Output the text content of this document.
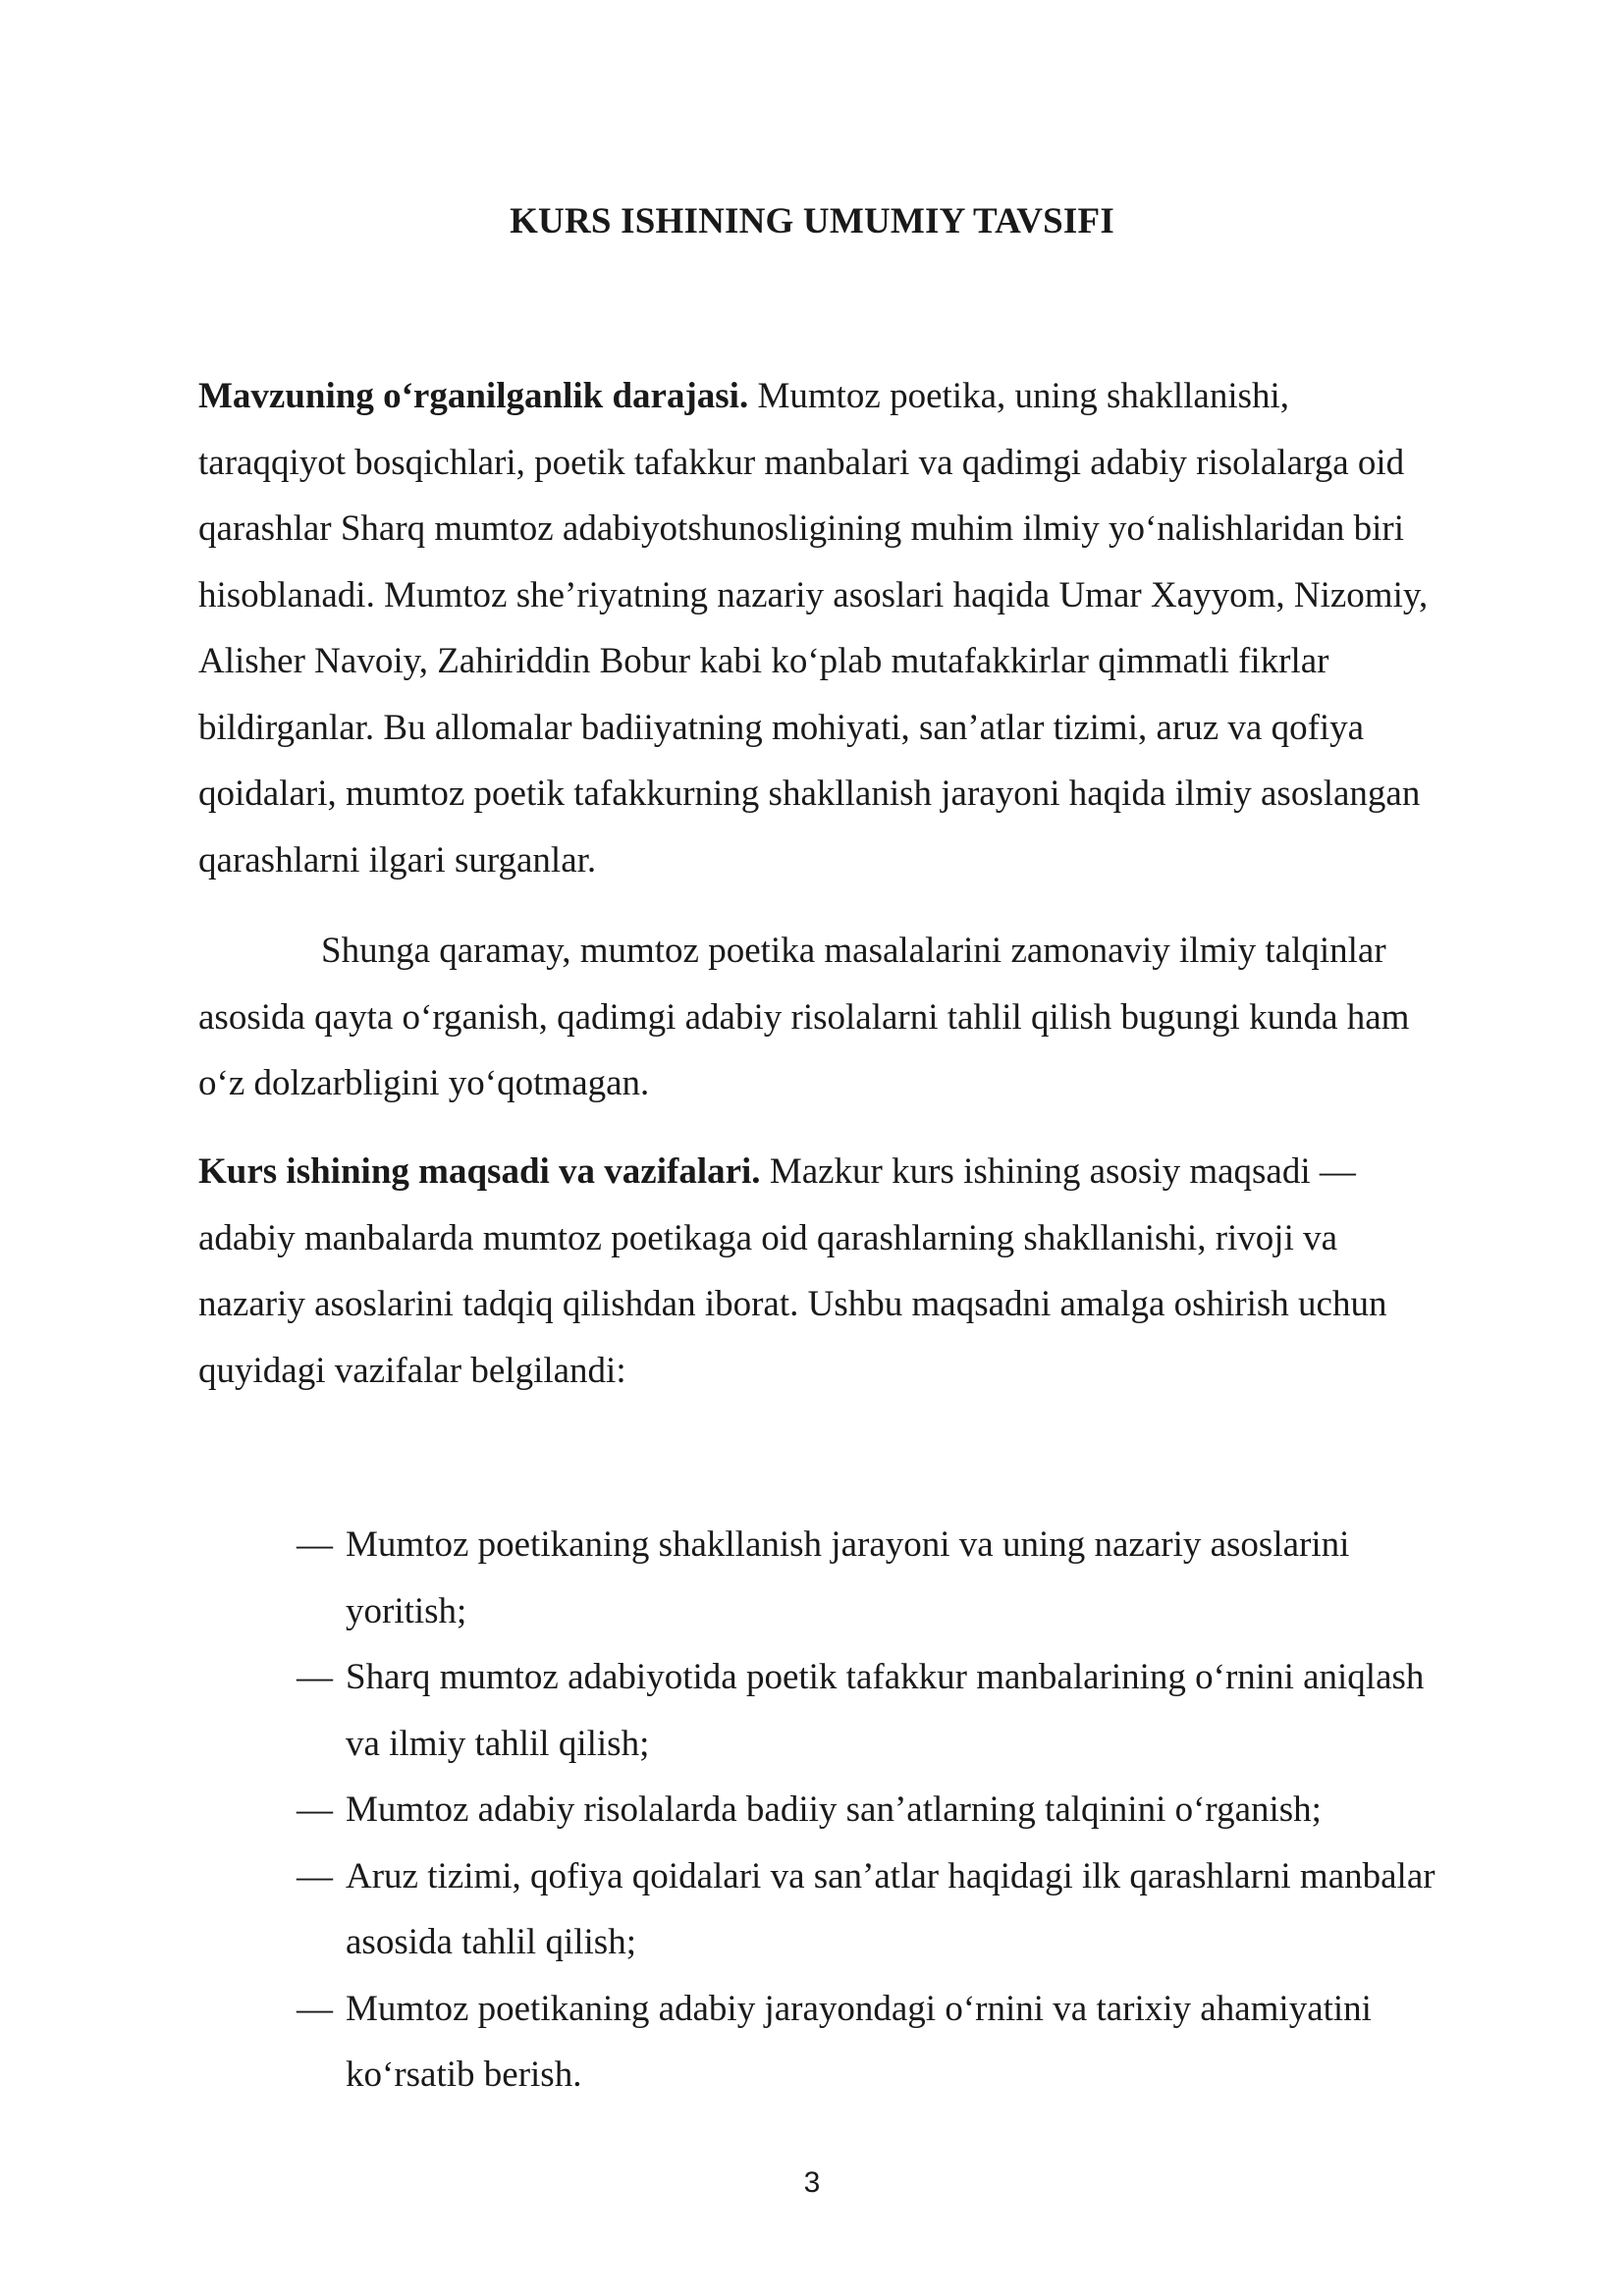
KURS ISHINING UMUMIY TAVSIFI

Mavzuning o‘rganilganlik darajasi. Mumtoz poetika, uning shakllanishi, taraqqiyot bosqichlari, poetik tafakkur manbalari va qadimgi adabiy risolalarga oid qarashlar Sharq mumtoz adabiyotshunosligining muhim ilmiy yo‘nalishlaridan biri hisoblanadi. Mumtoz she’riyatning nazariy asoslari haqida Umar Xayyom, Nizomiy, Alisher Navoiy, Zahiriddin Bobur kabi ko‘plab mutafakkirlar qimmatli fikrlar bildirganlar. Bu allomalar badiiyatning mohiyati, san’atlar tizimi, aruz va qofiya qoidalari, mumtoz poetik tafakkurning shakllanish jarayoni haqida ilmiy asoslangan qarashlarni ilgari surganlar.

Shunga qaramay, mumtoz poetika masalalarini zamonaviy ilmiy talqinlar asosida qayta o‘rganish, qadimgi adabiy risolalarni tahlil qilish bugungi kunda ham o‘z dolzarbligini yo‘qotmagan.

Kurs ishining maqsadi va vazifalari. Mazkur kurs ishining asosiy maqsadi — adabiy manbalarda mumtoz poetikaga oid qarashlarning shakllanishi, rivoji va nazariy asoslarini tadqiq qilishdan iborat. Ushbu maqsadni amalga oshirish uchun quyidagi vazifalar belgilandi:

— Mumtoz poetikaning shakllanish jarayoni va uning nazariy asoslarini yoritish;
— Sharq mumtoz adabiyotida poetik tafakkur manbalarining o‘rnini aniqlash va ilmiy tahlil qilish;
— Mumtoz adabiy risolalarda badiiy san’atlarning talqinini o‘rganish;
— Aruz tizimi, qofiya qoidalari va san’atlar haqidagi ilk qarashlarni manbalar asosida tahlil qilish;
— Mumtoz poetikaning adabiy jarayondagi o‘rnini va tarixiy ahamiyatini ko‘rsatib berish.
3
